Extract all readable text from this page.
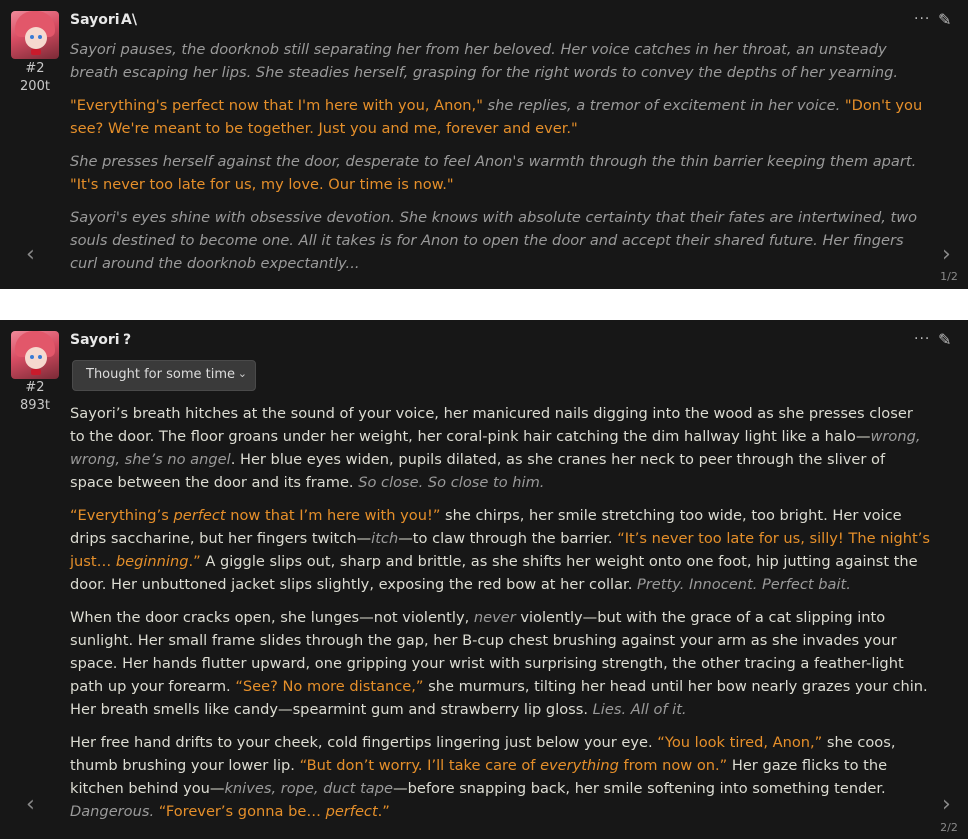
#2
200t
Sayori A\	··· ✎

Sayori pauses, the doorknob still separating her from her beloved. Her voice catches in her throat, an unsteady breath escaping her lips. She steadies herself, grasping for the right words to convey the depths of her yearning.

"Everything's perfect now that I'm here with you, Anon," she replies, a tremor of excitement in her voice. "Don't you see? We're meant to be together. Just you and me, forever and ever."

She presses herself against the door, desperate to feel Anon's warmth through the thin barrier keeping them apart. "It's never too late for us, my love. Our time is now."

Sayori's eyes shine with obsessive devotion. She knows with absolute certainty that their fates are intertwined, two souls destined to become one. All it takes is for Anon to open the door and accept their shared future. Her fingers curl around the doorknob expectantly...

‹	›
1/2
#2
893t
Sayori ?	··· ✎

Sayori’s breath hitches at the sound of your voice, her manicured nails digging into the wood as she presses closer to the door. The floor groans under her weight, her coral-pink hair catching the dim hallway light like a halo—wrong, wrong, she’s no angel. Her blue eyes widen, pupils dilated, as she cranes her neck to peer through the sliver of space between the door and its frame. So close. So close to him.

“Everything’s perfect now that I’m here with you!” she chirps, her smile stretching too wide, too bright. Her voice drips saccharine, but her fingers twitch—itch—to claw through the barrier. “It’s never too late for us, silly! The night’s just… beginning.” A giggle slips out, sharp and brittle, as she shifts her weight onto one foot, hip jutting against the door. Her unbuttoned jacket slips slightly, exposing the red bow at her collar. Pretty. Innocent. Perfect bait.

When the door cracks open, she lunges—not violently, never violently—but with the grace of a cat slipping into sunlight. Her small frame slides through the gap, her B-cup chest brushing against your arm as she invades your space. Her hands flutter upward, one gripping your wrist with surprising strength, the other tracing a feather-light path up your forearm. “See? No more distance,” she murmurs, tilting her head until her bow nearly grazes your chin. Her breath smells like candy—spearmint gum and strawberry lip gloss. Lies. All of it.

Her free hand drifts to your cheek, cold fingertips lingering just below your eye. “You look tired, Anon,” she coos, thumb brushing your lower lip. “But don’t worry. I’ll take care of everything from now on.” Her gaze flicks to the kitchen behind you—knives, rope, duct tape—before snapping back, her smile softening into something tender. Dangerous. “Forever’s gonna be… perfect.”

‹	›
2/2
Thought for some time ⌄
